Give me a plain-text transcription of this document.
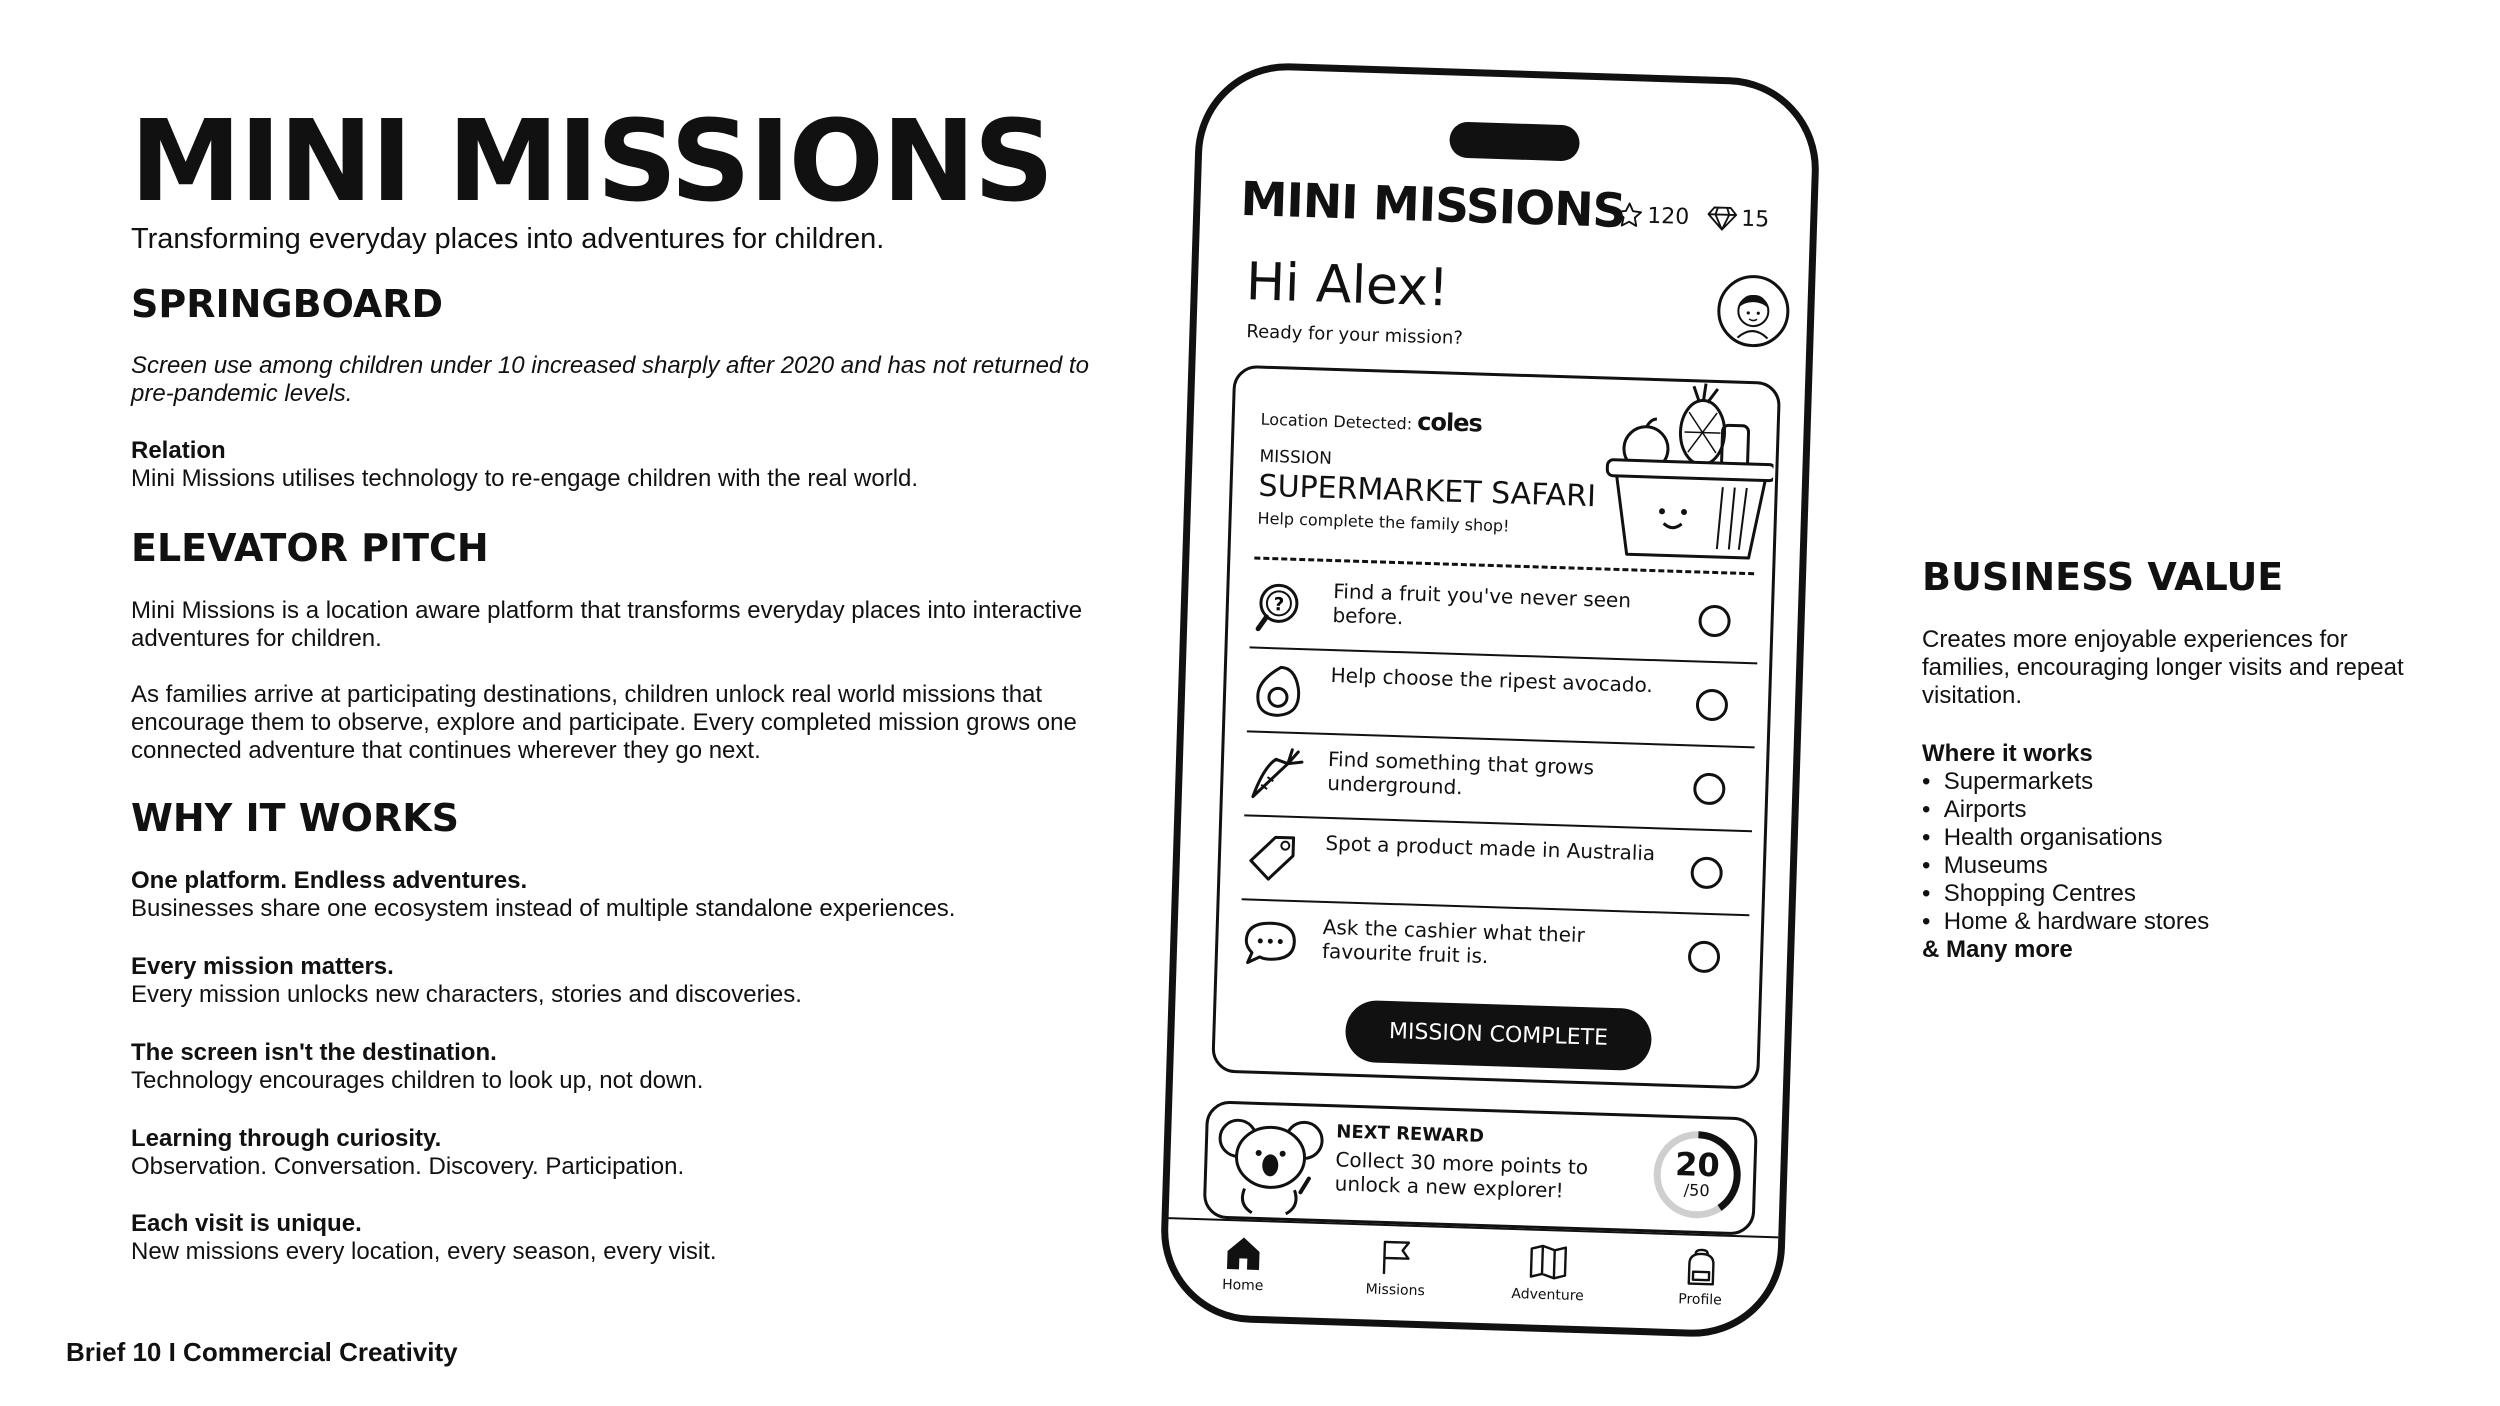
MINI MISSIONS
Transforming everyday places into adventures for children.
SPRINGBOARD
Screen use among children under 10 increased sharply after 2020 and has not returned to pre-pandemic levels.
Relation
Mini Missions utilises technology to re-engage children with the real world.
ELEVATOR PITCH
Mini Missions is a location aware platform that transforms everyday places into interactive adventures for children.
As families arrive at participating destinations, children unlock real world missions that encourage them to observe, explore and participate. Every completed mission grows one connected adventure that continues wherever they go next.
WHY IT WORKS
One platform. Endless adventures.
Businesses share one ecosystem instead of multiple standalone experiences.
Every mission matters.
Every mission unlocks new characters, stories and discoveries.
The screen isn't the destination.
Technology encourages children to look up, not down.
Learning through curiosity.
Observation. Conversation. Discovery. Participation.
Each visit is unique.
New missions every location, every season, every visit.
Brief 10 I Commercial Creativity
MINI MISSIONS 120 15
Hi Alex!
Ready for your mission?
Location Detected: coles
MISSION
SUPERMARKET SAFARI
Help complete the family shop!
? Find a fruit you've never seen before.
Help choose the ripest avocado.
Find something that grows underground.
Spot a product made in Australia
Ask the cashier what their favourite fruit is.
MISSION COMPLETE
NEXT REWARD
Collect 30 more points to unlock a new explorer!
20
/50
Home	Missions	Adventure	Profile
BUSINESS VALUE
Creates more enjoyable experiences for families, encouraging longer visits and repeat visitation.
Where it works
•  Supermarkets
•  Airports
•  Health organisations
•  Museums
•  Shopping Centres
•  Home & hardware stores
& Many more
